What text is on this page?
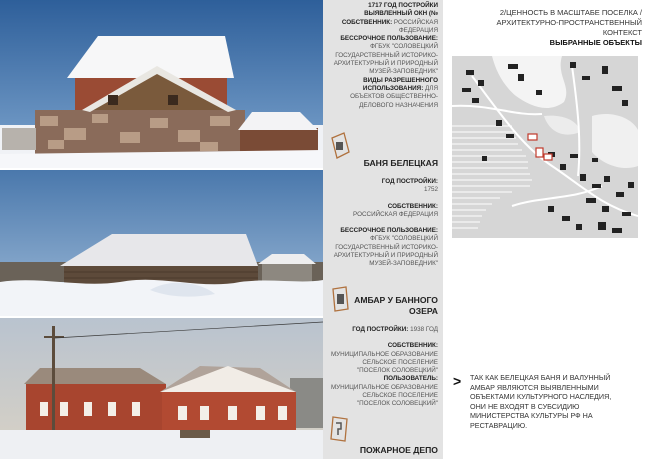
1717 ГОД ПОСТРОЙКИ
ВЫЯВЛЕННЫЙ ОКН (№
СОБСТВЕННИК: РОССИЙСКАЯ
ФЕДЕРАЦИЯ
БЕССРОЧНОЕ ПОЛЬЗОВАНИЕ:
ФГБУК "СОЛОВЕЦКИЙ
ГОСУДАРСТВЕННЫЙ ИСТОРИКО-
АРХИТЕКТУРНЫЙ И ПРИРОДНЫЙ
МУЗЕЙ-ЗАПОВЕДНИК"
ВИДЫ РАЗРЕШЕННОГО
ИСПОЛЬЗОВАНИЯ: ДЛЯ
ОБЪЕКТОВ ОБЩЕСТВЕННО-
ДЕЛОВОГО НАЗНАЧЕНИЯ
БАНЯ БЕЛЕЦКАЯ
ГОД ПОСТРОЙКИ:
1752
СОБСТВЕННИК:
РОССИЙСКАЯ ФЕДЕРАЦИЯ
БЕССРОЧНОЕ ПОЛЬЗОВАНИЕ:
ФГБУК "СОЛОВЕЦКИЙ
ГОСУДАРСТВЕННЫЙ ИСТОРИКО-
АРХИТЕКТУРНЫЙ И ПРИРОДНЫЙ
МУЗЕЙ-ЗАПОВЕДНИК"
АМБАР У БАННОГО
ОЗЕРА
ГОД ПОСТРОЙКИ: 1938 ГОД
СОБСТВЕННИК:
МУНИЦИПАЛЬНОЕ ОБРАЗОВАНИЕ
СЕЛЬСКОЕ ПОСЕЛЕНИЕ
"ПОСЕЛОК СОЛОВЕЦКИЙ"
ПОЛЬЗОВАТЕЛЬ:
МУНИЦИПАЛЬНОЕ ОБРАЗОВАНИЕ
СЕЛЬСКОЕ ПОСЕЛЕНИЕ
"ПОСЕЛОК СОЛОВЕЦКИЙ"
ПОЖАРНОЕ ДЕПО
2/ЦЕННОСТЬ В МАСШТАБЕ ПОСЕЛКА /
АРХИТЕКТУРНО-ПРОСТРАНСТВЕННЫЙ
КОНТЕКСТ
ВЫБРАННЫЕ ОБЪЕКТЫ
> ТАК КАК БЕЛЕЦКАЯ БАНЯ И ВАЛУННЫЙ
АМБАР ЯВЛЯЮТСЯ ВЫЯВЛЕННЫМИ
ОБЪЕКТАМИ КУЛЬТУРНОГО НАСЛЕДИЯ,
ОНИ НЕ ВХОДЯТ В СУБСИДИЮ
МИНИСТЕРСТВА КУЛЬТУРЫ РФ НА
РЕСТАВРАЦИЮ.
